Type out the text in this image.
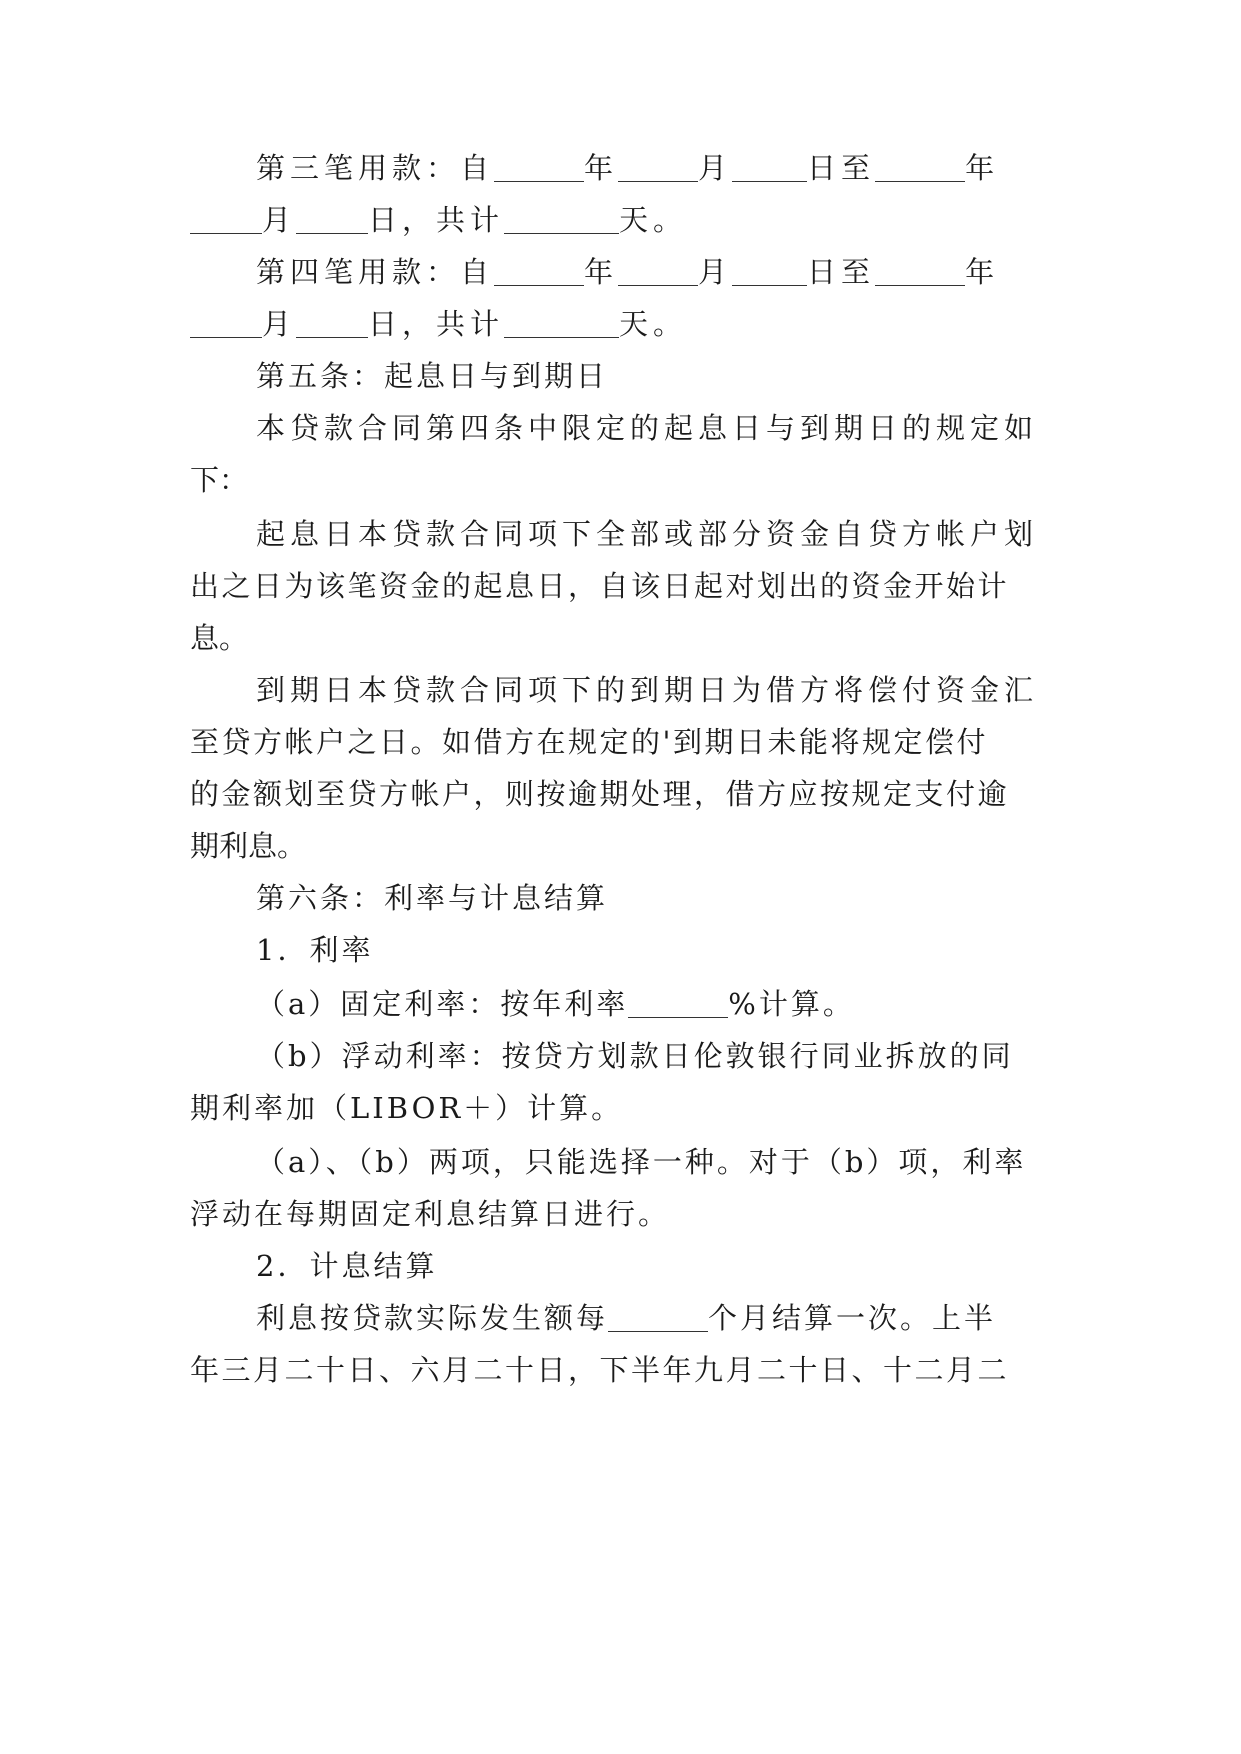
第三笔用款：自	年	月	日至	年
月 日，共计	天。
第四笔用款：自	年	月	日至	年
月 日，共计	天。
第五条：起息日与到期日
本贷款合同第四条中限定的起息日与到期日的规定如
下：
起息日本贷款合同项下全部或部分资金自贷方帐户划
出之日为该笔资金的起息日，自该日起对划出的资金开始计
息。
到期日本贷款合同项下的到期日为借方将偿付资金汇
至贷方帐户之日。如借方在规定的'到期日未能将规定偿付
的金额划至贷方帐户，则按逾期处理，借方应按规定支付逾
期利息。
第六条：利率与计息结算
1．利率
（a）固定利率：按年利率	%计算。
（b）浮动利率：按贷方划款日伦敦银行同业拆放的同
期利率加（LIBOR＋）计算。
（a）、（b）两项，只能选择一种。对于（b）项，利率
浮动在每期固定利息结算日进行。
2．计息结算
利息按贷款实际发生额每	个月结算一次。上半
年三月二十日、六月二十日，下半年九月二十日、十二月二
